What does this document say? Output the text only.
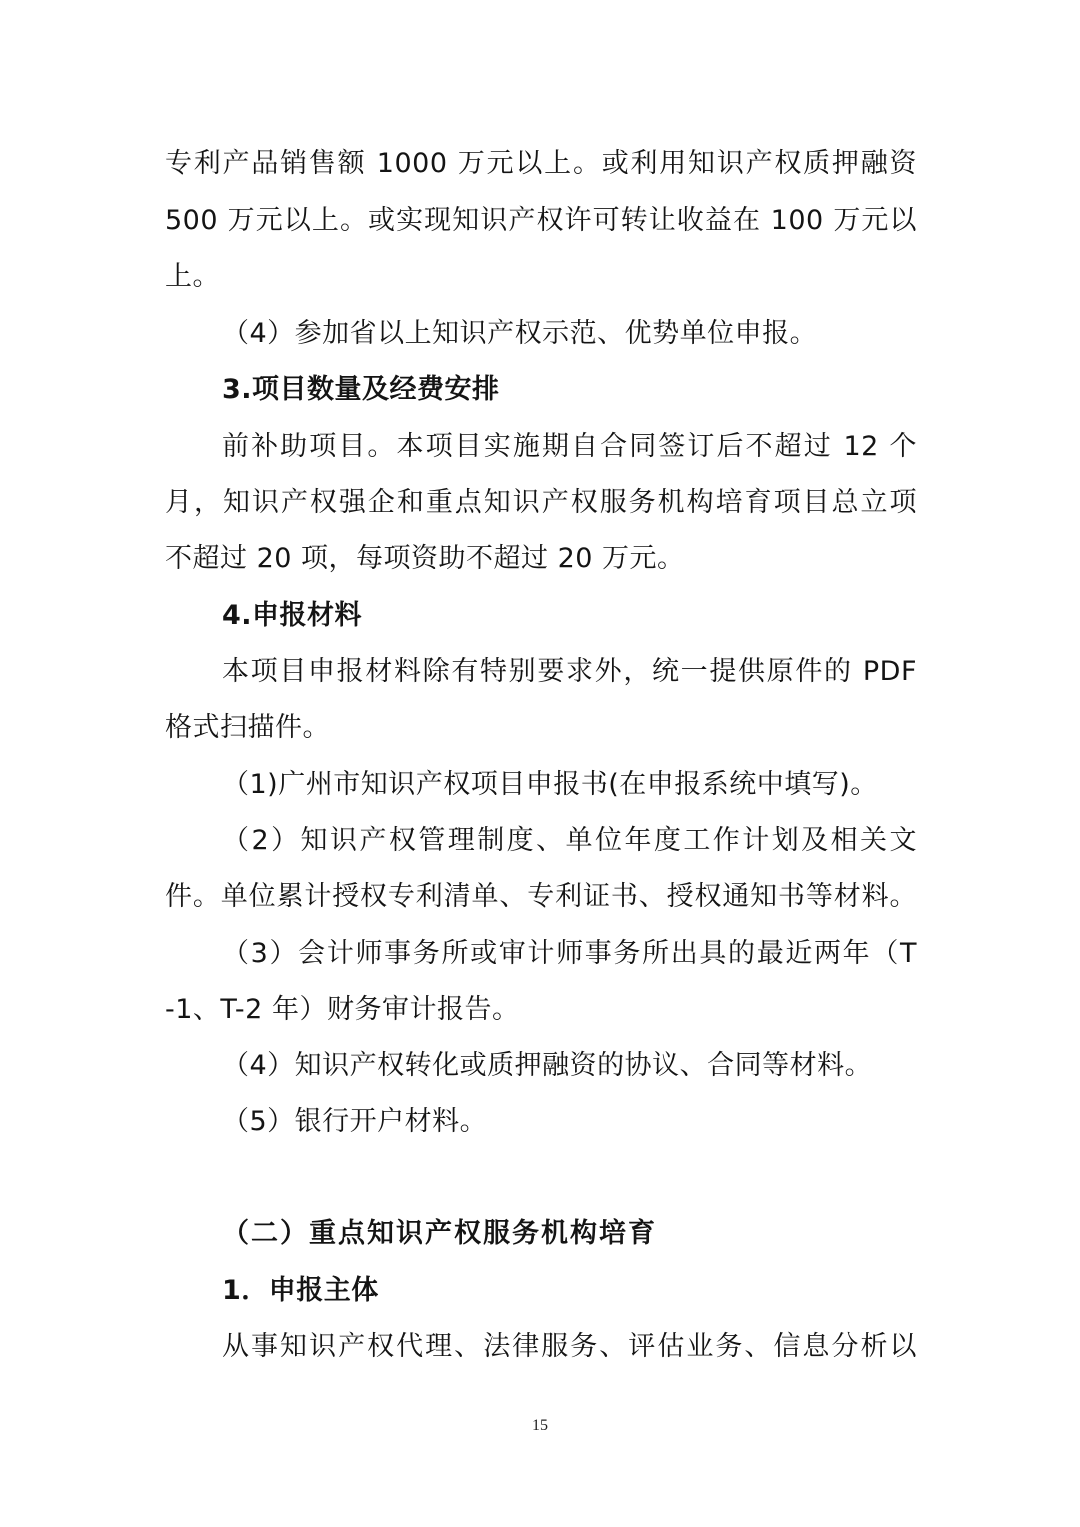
专利产品销售额 1000 万元以上。或利用知识产权质押融资
500 万元以上。或实现知识产权许可转让收益在 100 万元以
上。
（4）参加省以上知识产权示范、优势单位申报。
3.项目数量及经费安排
前补助项目。本项目实施期自合同签订后不超过 12 个
月，知识产权强企和重点知识产权服务机构培育项目总立项
不超过 20 项，每项资助不超过 20 万元。
4.申报材料
本项目申报材料除有特别要求外，统一提供原件的 PDF
格式扫描件。
（1)广州市知识产权项目申报书(在申报系统中填写)。
（2）知识产权管理制度、单位年度工作计划及相关文
件。单位累计授权专利清单、专利证书、授权通知书等材料。
（3）会计师事务所或审计师事务所出具的最近两年（T
-1、T-2 年）财务审计报告。
（4）知识产权转化或质押融资的协议、合同等材料。
（5）银行开户材料。
（二）重点知识产权服务机构培育
1．申报主体
从事知识产权代理、法律服务、评估业务、信息分析以
15
